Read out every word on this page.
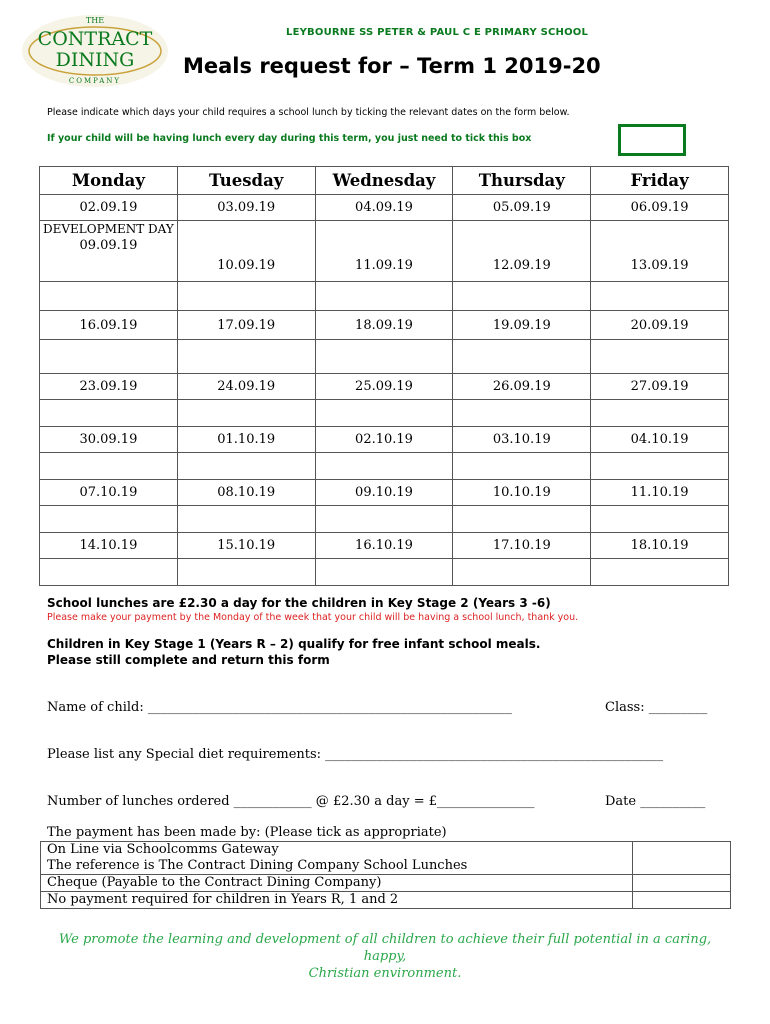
THE
CONTRACT
DINING
COMPANY
LEYBOURNE SS PETER & PAUL C E PRIMARY SCHOOL
Meals request for – Term 1 2019-20
Please indicate which days your child requires a school lunch by ticking the relevant dates on the form below.
If your child will be having lunch every day during this term, you just need to tick this box
Monday	Tuesday	Wednesday	Thursday	Friday
02.09.19	03.09.19	04.09.19	05.09.19	06.09.19

DEVELOPMENT DAY
09.09.19	10.09.19	11.09.19	12.09.19	13.09.19

16.09.19	17.09.19	18.09.19	19.09.19	20.09.19

23.09.19	24.09.19	25.09.19	26.09.19	27.09.19

30.09.19	01.10.19	02.10.19	03.10.19	04.10.19

07.10.19	08.10.19	09.10.19	10.10.19	11.10.19

14.10.19	15.10.19	16.10.19	17.10.19	18.10.19

School lunches are £2.30 a day for the children in Key Stage 2 (Years 3 -6)
Please make your payment by the Monday of the week that your child will be having a school lunch, thank you.
Children in Key Stage 1 (Years R – 2) qualify for free infant school meals.
Please still complete and return this form
Name of child: ________________________________________________________	Class: _________
Please list any Special diet requirements: ____________________________________________________
Number of lunches ordered ____________ @ £2.30 a day = £_______________	Date __________
The payment has been made by: (Please tick as appropriate)
On Line via Schoolcomms Gateway
The reference is The Contract Dining Company School Lunches	

Cheque (Payable to the Contract Dining Company)	
No payment required for children in Years R, 1 and 2	
We promote the learning and development of all children to achieve their full potential in a caring, happy,
Christian environment.
